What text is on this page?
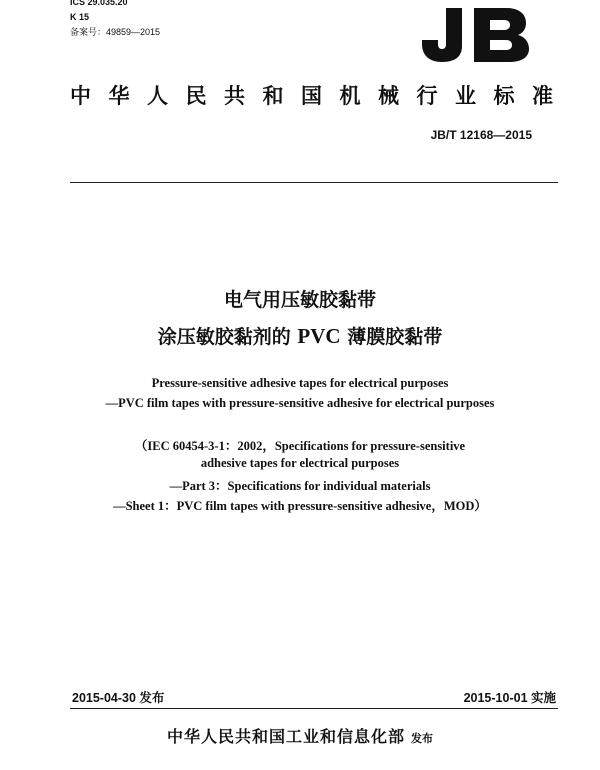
ICS 29.035.20
K 15
备案号：49859—2015
中华人民共和国机械行业标准
JB/T 12168—2015
电气用压敏胶黏带
涂压敏胶黏剂的 PVC 薄膜胶黏带
Pressure-sensitive adhesive tapes for electrical purposes
—PVC film tapes with pressure-sensitive adhesive for electrical purposes
（IEC 60454-3-1：2002，Specifications for pressure-sensitive
adhesive tapes for electrical purposes
—Part 3：Specifications for individual materials
—Sheet 1：PVC film tapes with pressure-sensitive adhesive，MOD）
2015-04-30 发布	2015-10-01 实施
中华人民共和国工业和信息化部 发布
